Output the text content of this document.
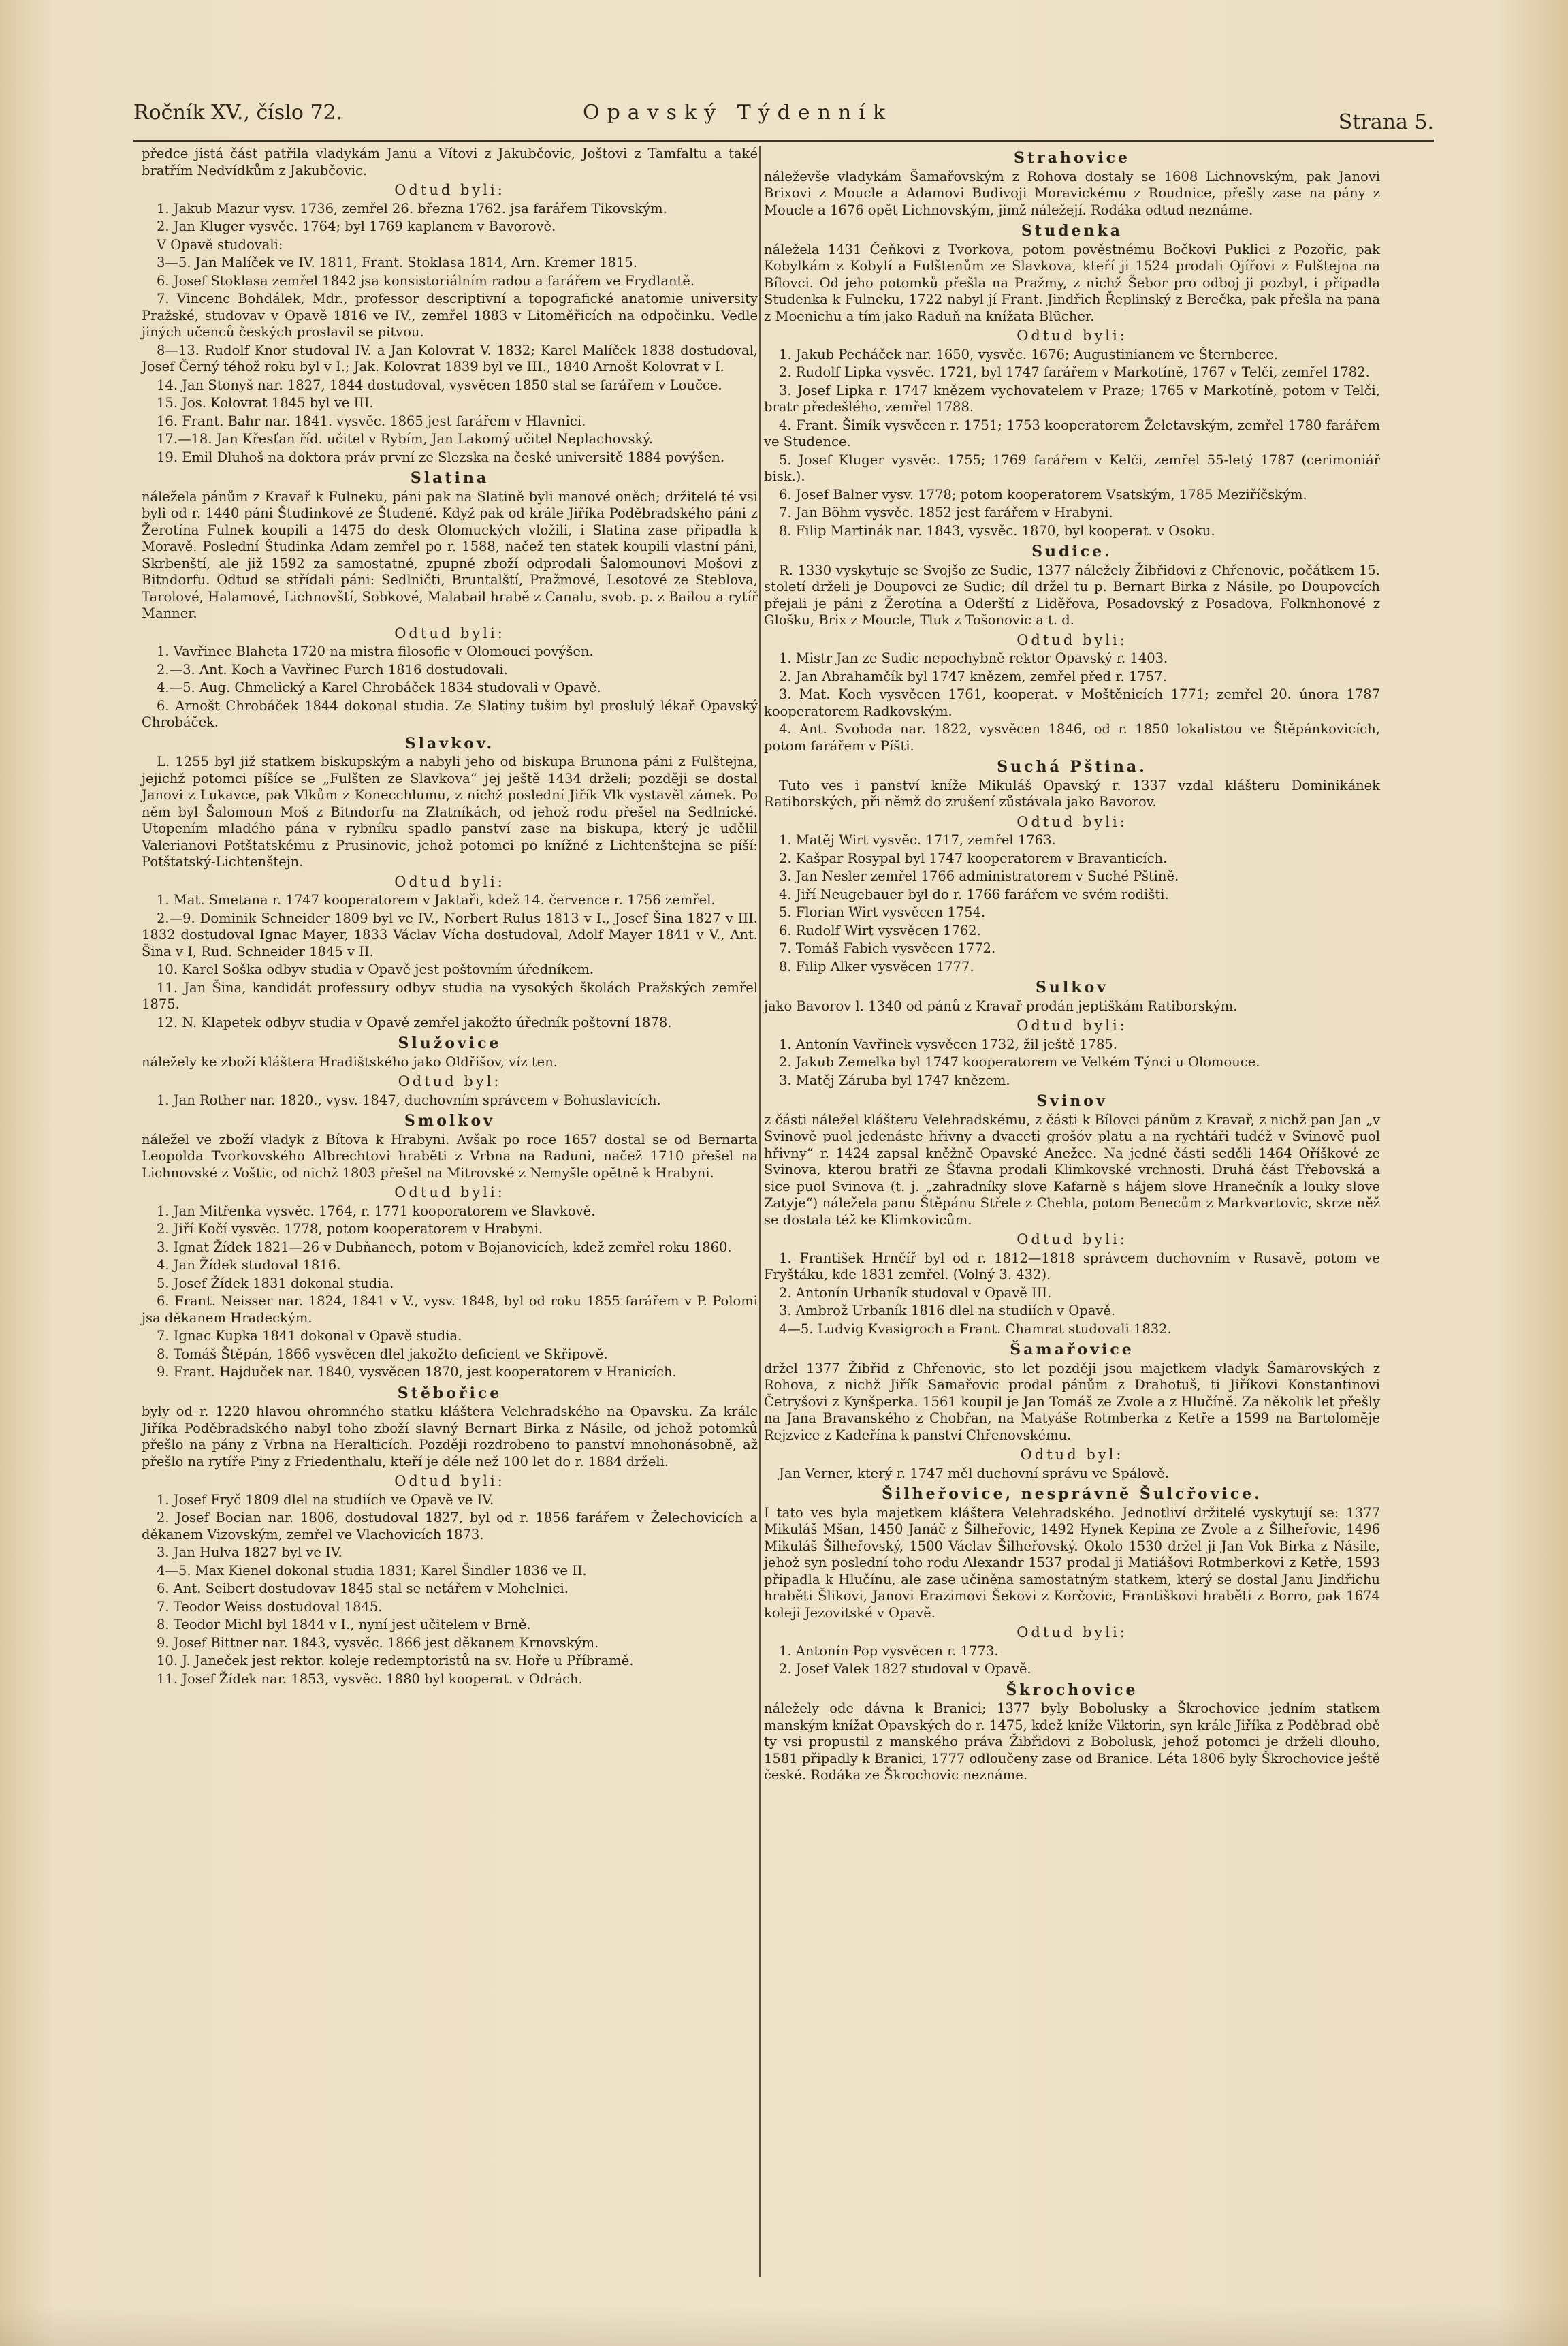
Ročník XV., číslo 72.	Opavský Týdenník	Strana 5.

předce jistá část patřila vladykám Janu a Vítovi z Jakubčovic, Joštovi z Tamfaltu a také bratřím Nedvídkům z Jakubčovic.

Odtud byli:

1. Jakub Mazur vysv. 1736, zemřel 26. března 1762. jsa farářem Tikovským.

2. Jan Kluger vysvěc. 1764; byl 1769 kaplanem v Bavorově.

V Opavě studovali:

3—5. Jan Malíček ve IV. 1811, Frant. Stoklasa 1814, Arn. Kremer 1815.

6. Josef Stoklasa zemřel 1842 jsa konsistoriálním radou a farářem ve Frydlantě.

7. Vincenc Bohdálek, Mdr., professor descriptivní a topografické anatomie university Pražské, studovav v Opavě 1816 ve IV., zemřel 1883 v Litoměřicích na odpočinku. Vedle jiných učenců českých proslavil se pitvou.

8—13. Rudolf Knor studoval IV. a Jan Kolovrat V. 1832; Karel Malíček 1838 dostudoval, Josef Černý téhož roku byl v I.; Jak. Kolovrat 1839 byl ve III., 1840 Arnošt Kolovrat v I.

14. Jan Stonyš nar. 1827, 1844 dostudoval, vysvěcen 1850 stal se farářem v Loučce.

15. Jos. Kolovrat 1845 byl ve III.

16. Frant. Bahr nar. 1841. vysvěc. 1865 jest farářem v Hlavnici.

17.—18. Jan Křesťan říd. učitel v Rybím, Jan Lakomý učitel Neplachovský.

19. Emil Dluhoš na doktora práv první ze Slezska na české universitě 1884 povýšen.

Slatina

náležela pánům z Kravař k Fulneku, páni pak na Slatině byli manové oněch; držitelé té vsi byli od r. 1440 páni Študinkové ze Študené. Když pak od krále Jiříka Poděbradského páni z Žerotína Fulnek koupili a 1475 do desk Olomuckých vložili, i Slatina zase připadla k Moravě. Poslední Študinka Adam zemřel po r. 1588, načež ten statek koupili vlastní páni, Skrbenští, ale již 1592 za samostatné, zpupné zboží odprodali Šalomounovi Mošovi z Bitndorfu. Odtud se střídali páni: Sedlničti, Bruntalští, Pražmové, Lesotové ze Steblova, Tarolové, Halamové, Lichnovští, Sobkové, Malabail hrabě z Canalu, svob. p. z Bailou a rytíř Manner.

Odtud byli:

1. Vavřinec Blaheta 1720 na mistra filosofie v Olomouci povýšen.

2.—3. Ant. Koch a Vavřinec Furch 1816 dostudovali.

4.—5. Aug. Chmelický a Karel Chrobáček 1834 studovali v Opavě.

6. Arnošt Chrobáček 1844 dokonal studia. Ze Slatiny tušim byl proslulý lékař Opavský Chrobáček.

Slavkov.

L. 1255 byl již statkem biskupským a nabyli jeho od biskupa Brunona páni z Fulštejna, jejichž potomci píšíce se „Fulšten ze Slavkova“ jej ještě 1434 drželi; později se dostal Janovi z Lukavce, pak Vlkům z Konecchlumu, z nichž poslední Jiřík Vlk vystavěl zámek. Po něm byl Šalomoun Moš z Bitndorfu na Zlatníkách, od jehož rodu přešel na Sedlnické. Utopením mladého pána v rybníku spadlo panství zase na biskupa, který je udělil Valerianovi Potštatskému z Prusinovic, jehož potomci po knížné z Lichtenštejna se píší: Potštatský-Lichtenštejn.

Odtud byli:

1. Mat. Smetana r. 1747 kooperatorem v Jaktaři, kdež 14. července r. 1756 zemřel.

2.—9. Dominik Schneider 1809 byl ve IV., Norbert Rulus 1813 v I., Josef Šina 1827 v III. 1832 dostudoval Ignac Mayer, 1833 Václav Vícha dostudoval, Adolf Mayer 1841 v V., Ant. Šina v I, Rud. Schneider 1845 v II.

10. Karel Soška odbyv studia v Opavě jest poštovním úředníkem.

11. Jan Šina, kandidát professury odbyv studia na vysokých školách Pražských zemřel 1875.

12. N. Klapetek odbyv studia v Opavě zemřel jakožto úředník poštovní 1878.

Služovice

náležely ke zboží kláštera Hradištského jako Oldřišov, víz ten.

Odtud byl:

1. Jan Rother nar. 1820., vysv. 1847, duchovním správcem v Bohuslavicích.

Smolkov

náležel ve zboží vladyk z Bítova k Hrabyni. Avšak po roce 1657 dostal se od Bernarta Leopolda Tvorkovského Albrechtovi hraběti z Vrbna na Raduni, načež 1710 přešel na Lichnovské z Voštic, od nichž 1803 přešel na Mitrovské z Nemyšle opětně k Hrabyni.

Odtud byli:

1. Jan Mitřenka vysvěc. 1764, r. 1771 kooporatorem ve Slavkově.

2. Jiří Kočí vysvěc. 1778, potom kooperatorem v Hrabyni.

3. Ignat Žídek 1821—26 v Dubňanech, potom v Bojanovicích, kdež zemřel roku 1860.

4. Jan Žídek studoval 1816.

5. Josef Žídek 1831 dokonal studia.

6. Frant. Neisser nar. 1824, 1841 v V., vysv. 1848, byl od roku 1855 farářem v P. Polomi jsa děkanem Hradeckým.

7. Ignac Kupka 1841 dokonal v Opavě studia.

8. Tomáš Štěpán, 1866 vysvěcen dlel jakožto deficient ve Skřipově.

9. Frant. Hajduček nar. 1840, vysvěcen 1870, jest kooperatorem v Hranicích.

Stěbořice

byly od r. 1220 hlavou ohromného statku kláštera Velehradského na Opavsku. Za krále Jiříka Poděbradského nabyl toho zboží slavný Bernart Birka z Násile, od jehož potomků přešlo na pány z Vrbna na Heralticích. Později rozdrobeno to panství mnohonásobně, až přešlo na rytíře Piny z Friedenthalu, kteří je déle než 100 let do r. 1884 drželi.

Odtud byli:

1. Josef Fryč 1809 dlel na studiích ve Opavě ve IV.

2. Josef Bocian nar. 1806, dostudoval 1827, byl od r. 1856 farářem v Želechovicích a děkanem Vizovským, zemřel ve Vlachovicích 1873.

3. Jan Hulva 1827 byl ve IV.

4—5. Max Kienel dokonal studia 1831; Karel Šindler 1836 ve II.

6. Ant. Seibert dostudovav 1845 stal se netářem v Mohelnici.

7. Teodor Weiss dostudoval 1845.

8. Teodor Michl byl 1844 v I., nyní jest učitelem v Brně.

9. Josef Bittner nar. 1843, vysvěc. 1866 jest děkanem Krnovským.

10. J. Janeček jest rektor. koleje redemptoristů na sv. Hoře u Příbramě.

11. Josef Žídek nar. 1853, vysvěc. 1880 byl kooperat. v Odrách.

Strahovice

náleževše vladykám Šamařovským z Rohova dostaly se 1608 Lichnovským, pak Janovi Brixovi z Moucle a Adamovi Budivoji Moravickému z Roudnice, přešly zase na pány z Moucle a 1676 opět Lichnovským, jimž náležejí. Rodáka odtud neznáme.

Studenka

náležela 1431 Čeňkovi z Tvorkova, potom pověstnému Bočkovi Puklici z Pozořic, pak Kobylkám z Kobylí a Fulštenům ze Slavkova, kteří ji 1524 prodali Ojířovi z Fulštejna na Bílovci. Od jeho potomků přešla na Pražmy, z nichž Šebor pro odboj ji pozbyl, i připadla Studenka k Fulneku, 1722 nabyl jí Frant. Jindřich Řeplinský z Berečka, pak přešla na pana z Moenichu a tím jako Raduň na knížata Blücher.

Odtud byli:

1. Jakub Pecháček nar. 1650, vysvěc. 1676; Augustinianem ve Šternberce.

2. Rudolf Lipka vysvěc. 1721, byl 1747 farářem v Markotíně, 1767 v Telči, zemřel 1782.

3. Josef Lipka r. 1747 knězem vychovatelem v Praze; 1765 v Markotíně, potom v Telči, bratr předešlého, zemřel 1788.

4. Frant. Šimík vysvěcen r. 1751; 1753 kooperatorem Želetavským, zemřel 1780 farářem ve Studence.

5. Josef Kluger vysvěc. 1755; 1769 farářem v Kelči, zemřel 55-letý 1787 (cerimoniář bisk.).

6. Josef Balner vysv. 1778; potom kooperatorem Vsatským, 1785 Meziříčským.

7. Jan Böhm vysvěc. 1852 jest farářem v Hrabyni.

8. Filip Martinák nar. 1843, vysvěc. 1870, byl kooperat. v Osoku.

Sudice.

R. 1330 vyskytuje se Svojšo ze Sudic, 1377 náležely Žibřidovi z Chřenovic, počátkem 15. století drželi je Doupovci ze Sudic; díl držel tu p. Bernart Birka z Násile, po Doupovcích přejali je páni z Žerotína a Oderští z Liděřova, Posadovský z Posadova, Folknhonové z Glošku, Brix z Moucle, Tluk z Tošonovic a t. d.

Odtud byli:

1. Mistr Jan ze Sudic nepochybně rektor Opavský r. 1403.

2. Jan Abrahamčík byl 1747 knězem, zemřel před r. 1757.

3. Mat. Koch vysvěcen 1761, kooperat. v Moštěnicích 1771; zemřel 20. února 1787 kooperatorem Radkovským.

4. Ant. Svoboda nar. 1822, vysvěcen 1846, od r. 1850 lokalistou ve Štěpánkovicích, potom farářem v Píšti.

Suchá Pština.

Tuto ves i panství kníže Mikuláš Opavský r. 1337 vzdal klášteru Dominikánek Ratiborských, při němž do zrušení zůstávala jako Bavorov.

Odtud byli:

1. Matěj Wirt vysvěc. 1717, zemřel 1763.

2. Kašpar Rosypal byl 1747 kooperatorem v Bravanticích.

3. Jan Nesler zemřel 1766 administratorem v Suché Pštině.

4. Jiří Neugebauer byl do r. 1766 farářem ve svém rodišti.

5. Florian Wirt vysvěcen 1754.

6. Rudolf Wirt vysvěcen 1762.

7. Tomáš Fabich vysvěcen 1772.

8. Filip Alker vysvěcen 1777.

Sulkov

jako Bavorov l. 1340 od pánů z Kravař prodán jeptiškám Ratiborským.

Odtud byli:

1. Antonín Vavřinek vysvěcen 1732, žil ještě 1785.

2. Jakub Zemelka byl 1747 kooperatorem ve Velkém Týnci u Olomouce.

3. Matěj Záruba byl 1747 knězem.

Svinov

z části náležel klášteru Velehradskému, z části k Bílovci pánům z Kravař, z nichž pan Jan „v Svinově puol jedenáste hřivny a dvaceti grošóv platu a na rychtáři tudéž v Svinově puol hřivny“ r. 1424 zapsal kněžně Opavské Anežce. Na jedné části seděli 1464 Oříškové ze Svinova, kterou bratři ze Šťavna prodali Klimkovské vrchnosti. Druhá část Třebovská a sice puol Svinova (t. j. „zahradníky slove Kafarně s hájem slove Hranečník a louky slove Zatyje“) náležela panu Štěpánu Střele z Chehla, potom Benecům z Markvartovic, skrze něž se dostala též ke Klimkovicům.

Odtud byli:

1. František Hrnčíř byl od r. 1812—1818 správcem duchovním v Rusavě, potom ve Fryštáku, kde 1831 zemřel. (Volný 3. 432).

2. Antonín Urbaník studoval v Opavě III.

3. Ambrož Urbaník 1816 dlel na studiích v Opavě.

4—5. Ludvig Kvasigroch a Frant. Chamrat studovali 1832.

Šamařovice

držel 1377 Žibřid z Chřenovic, sto let později jsou majetkem vladyk Šamarovských z Rohova, z nichž Jiřík Samařovic prodal pánům z Drahotuš, ti Jiříkovi Konstantinovi Četryšovi z Kynšperka. 1561 koupil je Jan Tomáš ze Zvole a z Hlučíně. Za několik let přešly na Jana Bravanského z Chobřan, na Matyáše Rotmberka z Ketře a 1599 na Bartoloměje Rejzvice z Kadeřína k panství Chřenovskému.

Odtud byl:

Jan Verner, který r. 1747 měl duchovní správu ve Spálově.

Šilheřovice, nesprávně Šulcřovice.

I tato ves byla majetkem kláštera Velehradského. Jednotliví držitelé vyskytují se: 1377 Mikuláš Mšan, 1450 Janáč z Šilheřovic, 1492 Hynek Kepina ze Zvole a z Šilheřovic, 1496 Mikuláš Šilheřovský, 1500 Václav Šilheřovský. Okolo 1530 držel ji Jan Vok Birka z Násile, jehož syn poslední toho rodu Alexandr 1537 prodal ji Matiášovi Rotmberkovi z Ketře, 1593 připadla k Hlučínu, ale zase učiněna samostatným statkem, který se dostal Janu Jindřichu hraběti Šlikovi, Janovi Erazimovi Šekovi z Korčovic, Františkovi hraběti z Borro, pak 1674 koleji Jezovitské v Opavě.

Odtud byli:

1. Antonín Pop vysvěcen r. 1773.

2. Josef Valek 1827 studoval v Opavě.

Škrochovice

náležely ode dávna k Branici; 1377 byly Bobolusky a Škrochovice jedním statkem manským knížat Opavských do r. 1475, kdež kníže Viktorin, syn krále Jiříka z Poděbrad obě ty vsi propustil z manského práva Žibřidovi z Bobolusk, jehož potomci je drželi dlouho, 1581 připadly k Branici, 1777 odloučeny zase od Branice. Léta 1806 byly Škrochovice ještě české. Rodáka ze Škrochovic neznáme.
